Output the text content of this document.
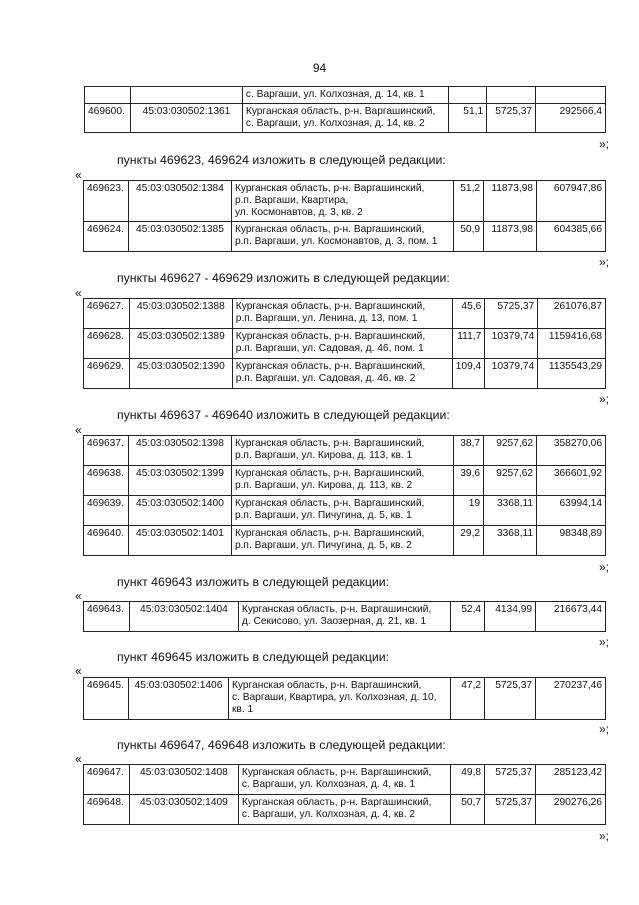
94

		с. Варгаши, ул. Колхозная, д. 14, кв. 1			

469600.	45:03:030502:1361	Курганская область, р-н. Варгашинский,
с. Варгаши, ул. Колхозная, д. 14, кв. 2	51,1	5725,37	292566,4
»;
пункты 469623, 469624 изложить в следующей редакции:
«
469623.	45:03:030502:1384	Курганская область, р-н. Варгашинский,
р.п. Варгаши, Квартира,
ул. Космонавтов, д. 3, кв. 2	51,2	11873,98	607947,86
469624.	45:03:030502:1385	Курганская область, р-н. Варгашинский,
р.п. Варгаши, ул. Космонавтов, д. 3, пом. 1	50,9	11873,98	604385,66
»;
пункты 469627 - 469629 изложить в следующей редакции:
«
469627.	45:03:030502:1388	Курганская область, р-н. Варгашинский,
р.п. Варгаши, ул. Ленина, д. 13, пом. 1	45,6	5725,37	261076,87
469628.	45:03:030502:1389	Курганская область, р-н. Варгашинский,
р.п. Варгаши, ул. Садовая, д. 46, пом. 1	111,7	10379,74	1159416,68
469629.	45:03:030502:1390	Курганская область, р-н. Варгашинский,
р.п. Варгаши, ул. Садовая, д. 46, кв. 2	109,4	10379,74	1135543,29
»;
пункты 469637 - 469640 изложить в следующей редакции:
«
469637.	45:03:030502:1398	Курганская область, р-н. Варгашинский,
р.п. Варгаши, ул. Кирова, д. 113, кв. 1	38,7	9257,62	358270,06
469638.	45:03:030502:1399	Курганская область, р-н. Варгашинский,
р.п. Варгаши, ул. Кирова, д. 113, кв. 2	39,6	9257,62	366601,92
469639.	45:03:030502:1400	Курганская область, р-н. Варгашинский,
р.п. Варгаши, ул. Пичугина, д. 5, кв. 1	19	3368,11	63994,14
469640.	45:03:030502:1401	Курганская область, р-н. Варгашинский,
р.п. Варгаши, ул. Пичугина, д. 5, кв. 2	29,2	3368,11	98348,89
»;
пункт 469643 изложить в следующей редакции:
«
469643.	45:03:030502:1404	Курганская область, р-н. Варгашинский,
д. Секисово, ул. Заозерная, д. 21, кв. 1
	52,4	4134,99	216673,44
»;
пункт 469645 изложить в следующей редакции:
«
469645.	45:03:030502:1406	Курганская область, р-н. Варгашинский,
с. Варгаши, Квартира, ул. Колхозная, д. 10,
кв. 1
	47,2	5725,37	270237,46
»;
пункты 469647, 469648 изложить в следующей редакции:
«
469647.	45:03:030502:1408	Курганская область, р-н. Варгашинский,
с. Варгаши, ул. Колхозная, д. 4, кв. 1	49,8	5725,37	285123,42
469648.	45:03:030502:1409	Курганская область, р-н. Варгашинский,
с. Варгаши, ул. Колхозная, д. 4, кв. 2	50,7	5725,37	290276,26
»;
